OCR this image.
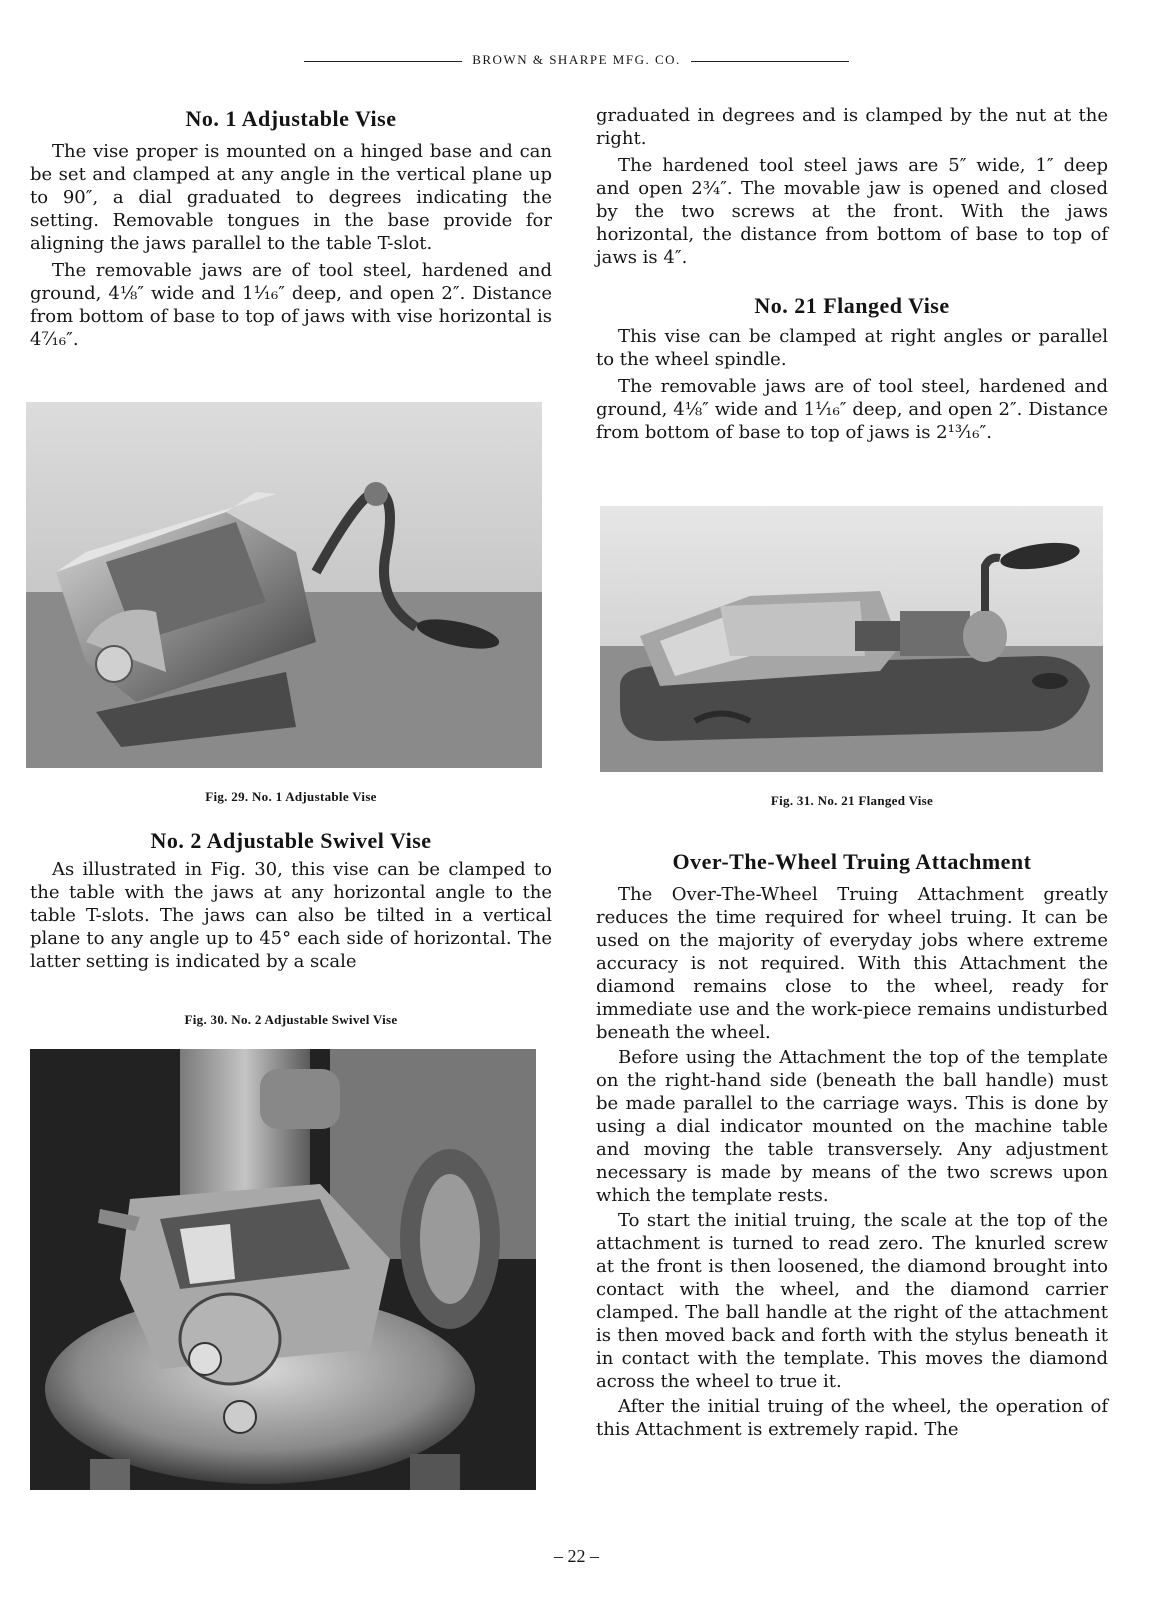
BROWN & SHARPE MFG. CO.
No. 1 Adjustable Vise

The vise proper is mounted on a hinged base and can be set and clamped at any angle in the vertical plane up to 90″, a dial graduated to degrees indicating the setting. Removable tongues in the base provide for aligning the jaws parallel to the table T-slot.

The removable jaws are of tool steel, hardened and ground, 4⅛″ wide and 1¹⁄₁₆″ deep, and open 2″. Distance from bottom of base to top of jaws with vise horizontal is 4⁷⁄₁₆″.

Fig. 29. No. 1 Adjustable Vise
No. 2 Adjustable Swivel Vise

As illustrated in Fig. 30, this vise can be clamped to the table with the jaws at any horizontal angle to the table T-slots. The jaws can also be tilted in a vertical plane to any angle up to 45° each side of horizontal. The latter setting is indicated by a scale

Fig. 30. No. 2 Adjustable Swivel Vise

graduated in degrees and is clamped by the nut at the right.

The hardened tool steel jaws are 5″ wide, 1″ deep and open 2¾″. The movable jaw is opened and closed by the two screws at the front. With the jaws horizontal, the distance from bottom of base to top of jaws is 4″.

No. 21 Flanged Vise

This vise can be clamped at right angles or parallel to the wheel spindle.

The removable jaws are of tool steel, hardened and ground, 4⅛″ wide and 1¹⁄₁₆″ deep, and open 2″. Distance from bottom of base to top of jaws is 2¹³⁄₁₆″.

Fig. 31. No. 21 Flanged Vise
Over-The-Wheel Truing Attachment

The Over-The-Wheel Truing Attachment greatly reduces the time required for wheel truing. It can be used on the majority of everyday jobs where extreme accuracy is not required. With this Attachment the diamond remains close to the wheel, ready for immediate use and the work-piece remains undisturbed beneath the wheel.

Before using the Attachment the top of the template on the right-hand side (beneath the ball handle) must be made parallel to the carriage ways. This is done by using a dial indicator mounted on the machine table and moving the table transversely. Any adjustment necessary is made by means of the two screws upon which the template rests.

To start the initial truing, the scale at the top of the attachment is turned to read zero. The knurled screw at the front is then loosened, the diamond brought into contact with the wheel, and the diamond carrier clamped. The ball handle at the right of the attachment is then moved back and forth with the stylus beneath it in contact with the template. This moves the diamond across the wheel to true it.

After the initial truing of the wheel, the operation of this Attachment is extremely rapid. The

– 22 –
